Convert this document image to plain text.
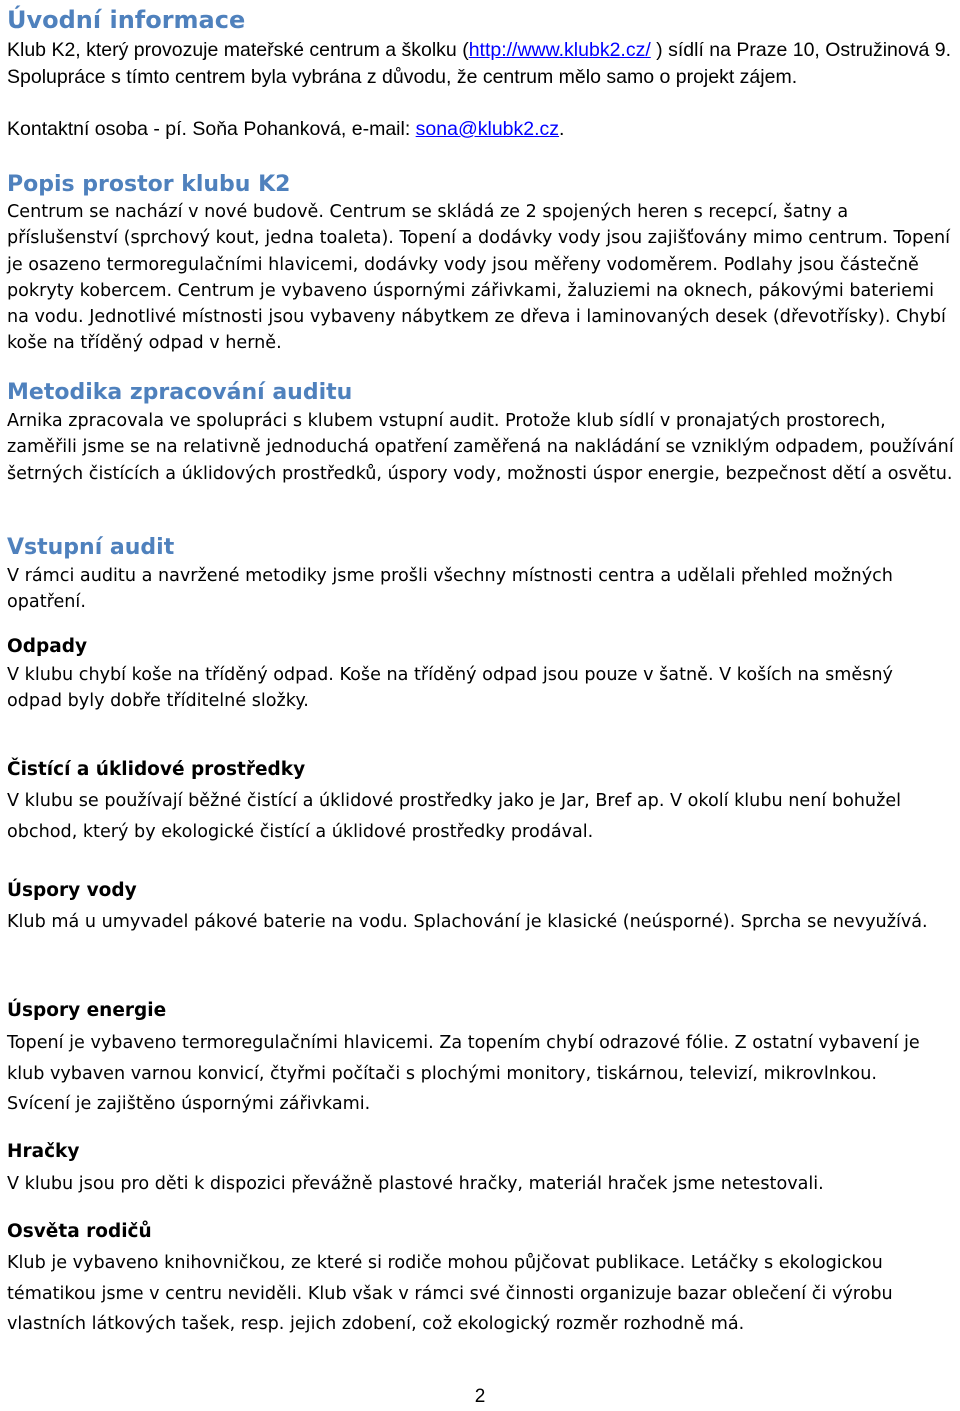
Úvodní informace

Klub K2, který provozuje mateřské centrum a školku (http://www.klubk2.cz/ ) sídlí na Praze 10, Ostružinová 9. Spolupráce s tímto centrem byla vybrána z důvodu, že centrum mělo samo o projekt zájem.

Kontaktní osoba - pí. Soňa Pohanková, e-mail: sona@klubk2.cz.

Popis prostor klubu K2

Centrum se nachází v nové budově. Centrum se skládá ze 2 spojených heren s recepcí, šatny a příslušenství (sprchový kout, jedna toaleta). Topení a dodávky vody jsou zajišťovány mimo centrum. Topení je osazeno termoregulačními hlavicemi, dodávky vody jsou měřeny vodoměrem. Podlahy jsou částečně pokryty kobercem. Centrum je vybaveno úspornými zářivkami, žaluziemi na oknech, pákovými bateriemi na vodu. Jednotlivé místnosti jsou vybaveny nábytkem ze dřeva i laminovaných desek (dřevotřísky). Chybí koše na tříděný odpad v herně.

Metodika zpracování auditu

Arnika zpracovala ve spolupráci s klubem vstupní audit. Protože klub sídlí v pronajatých prostorech, zaměřili jsme se na relativně jednoduchá opatření zaměřená na nakládání se vzniklým odpadem, používání šetrných čistících a úklidových prostředků, úspory vody, možnosti úspor energie, bezpečnost dětí a osvětu.

Vstupní audit

V rámci auditu a navržené metodiky jsme prošli všechny místnosti centra a udělali přehled možných opatření.

Odpady

V klubu chybí koše na tříděný odpad. Koše na tříděný odpad jsou pouze v šatně. V koších na směsný odpad byly dobře tříditelné složky.

Čistící a úklidové prostředky

V klubu se používají běžné čistící a úklidové prostředky jako je Jar, Bref ap. V okolí klubu není bohužel obchod, který by ekologické čistící a úklidové prostředky prodával.

Úspory vody

Klub má u umyvadel pákové baterie na vodu. Splachování je klasické (neúsporné). Sprcha se nevyužívá.

Úspory energie

Topení je vybaveno termoregulačními hlavicemi. Za topením chybí odrazové fólie. Z ostatní vybavení je klub vybaven varnou konvicí, čtyřmi počítači s plochými monitory, tiskárnou, televizí, mikrovlnkou. Svícení je zajištěno úspornými zářivkami.

Hračky

V klubu jsou pro děti k dispozici převážně plastové hračky, materiál hraček jsme netestovali.

Osvěta rodičů

Klub je vybaveno knihovničkou, ze které si rodiče mohou půjčovat publikace. Letáčky s ekologickou tématikou jsme v centru neviděli. Klub však v rámci své činnosti organizuje bazar oblečení či výrobu vlastních látkových tašek, resp. jejich zdobení, což ekologický rozměr rozhodně má.

2
